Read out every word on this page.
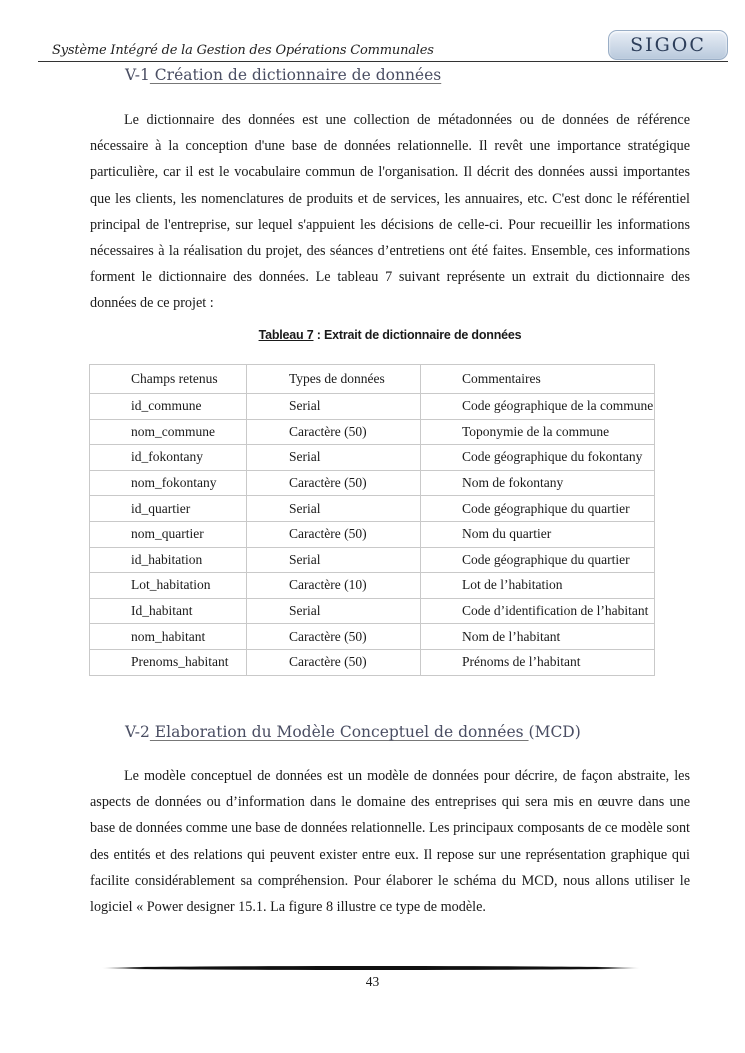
Système Intégré de la Gestion des Opérations Communales	SIGOC
V-1 Création de dictionnaire de données

Le dictionnaire des données est une collection de métadonnées ou de données de référence nécessaire à la conception d'une base de données relationnelle. Il revêt une importance stratégique particulière, car il est le vocabulaire commun de l'organisation. Il décrit des données aussi importantes que les clients, les nomenclatures de produits et de services, les annuaires, etc. C'est donc le référentiel principal de l'entreprise, sur lequel s'appuient les décisions de celle-ci. Pour recueillir les informations nécessaires à la réalisation du projet, des séances d’entretiens ont été faites. Ensemble, ces informations forment le dictionnaire des données. Le tableau 7 suivant représente un extrait du dictionnaire des données de ce projet :

Tableau 7 : Extrait de dictionnaire de données
Champs retenus	Types de données	Commentaires
id_commune	Serial	Code géographique de la commune
nom_commune	Caractère (50)	Toponymie de la commune
id_fokontany	Serial	Code géographique du fokontany
nom_fokontany	Caractère (50)	Nom de fokontany
id_quartier	Serial	Code géographique du quartier
nom_quartier	Caractère (50)	Nom du quartier
id_habitation	Serial	Code géographique du quartier
Lot_habitation	Caractère (10)	Lot de l’habitation
Id_habitant	Serial	Code d’identification de l’habitant
nom_habitant	Caractère (50)	Nom de l’habitant
Prenoms_habitant	Caractère (50)	Prénoms de l’habitant
V-2 Elaboration du Modèle Conceptuel de données (MCD)

Le modèle conceptuel de données est un modèle de données pour décrire, de façon abstraite, les aspects de données ou d’information dans le domaine des entreprises qui sera mis en œuvre dans une base de données comme une base de données relationnelle. Les principaux composants de ce modèle sont des entités et des relations qui peuvent exister entre eux. Il repose sur une représentation graphique qui facilite considérablement sa compréhension. Pour élaborer le schéma du MCD, nous allons utiliser le logiciel « Power designer 15.1. La figure 8 illustre ce type de modèle.

43
